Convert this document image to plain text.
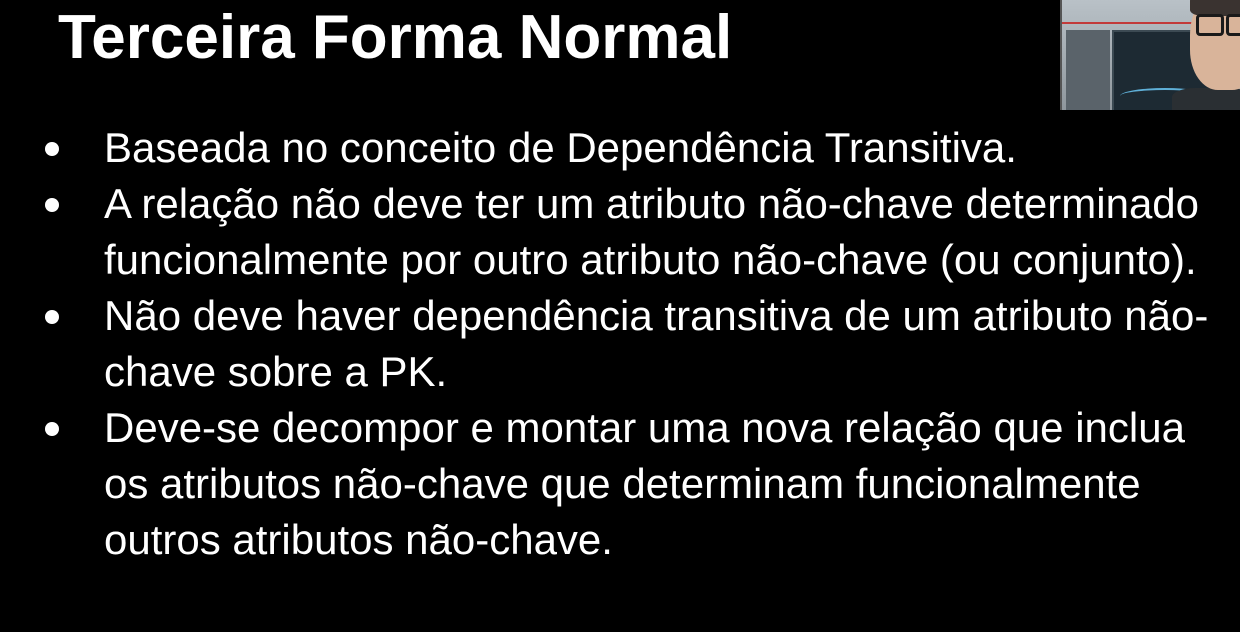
Terceira Forma Normal
Baseada no conceito de Dependência Transitiva.
A relação não deve ter um atributo não-chave determinado funcionalmente por outro atributo não-chave (ou conjunto).
Não deve haver dependência transitiva de um atributo não-chave sobre a PK.
Deve-se decompor e montar uma nova relação que inclua os atributos não-chave que determinam funcionalmente outros atributos não-chave.
